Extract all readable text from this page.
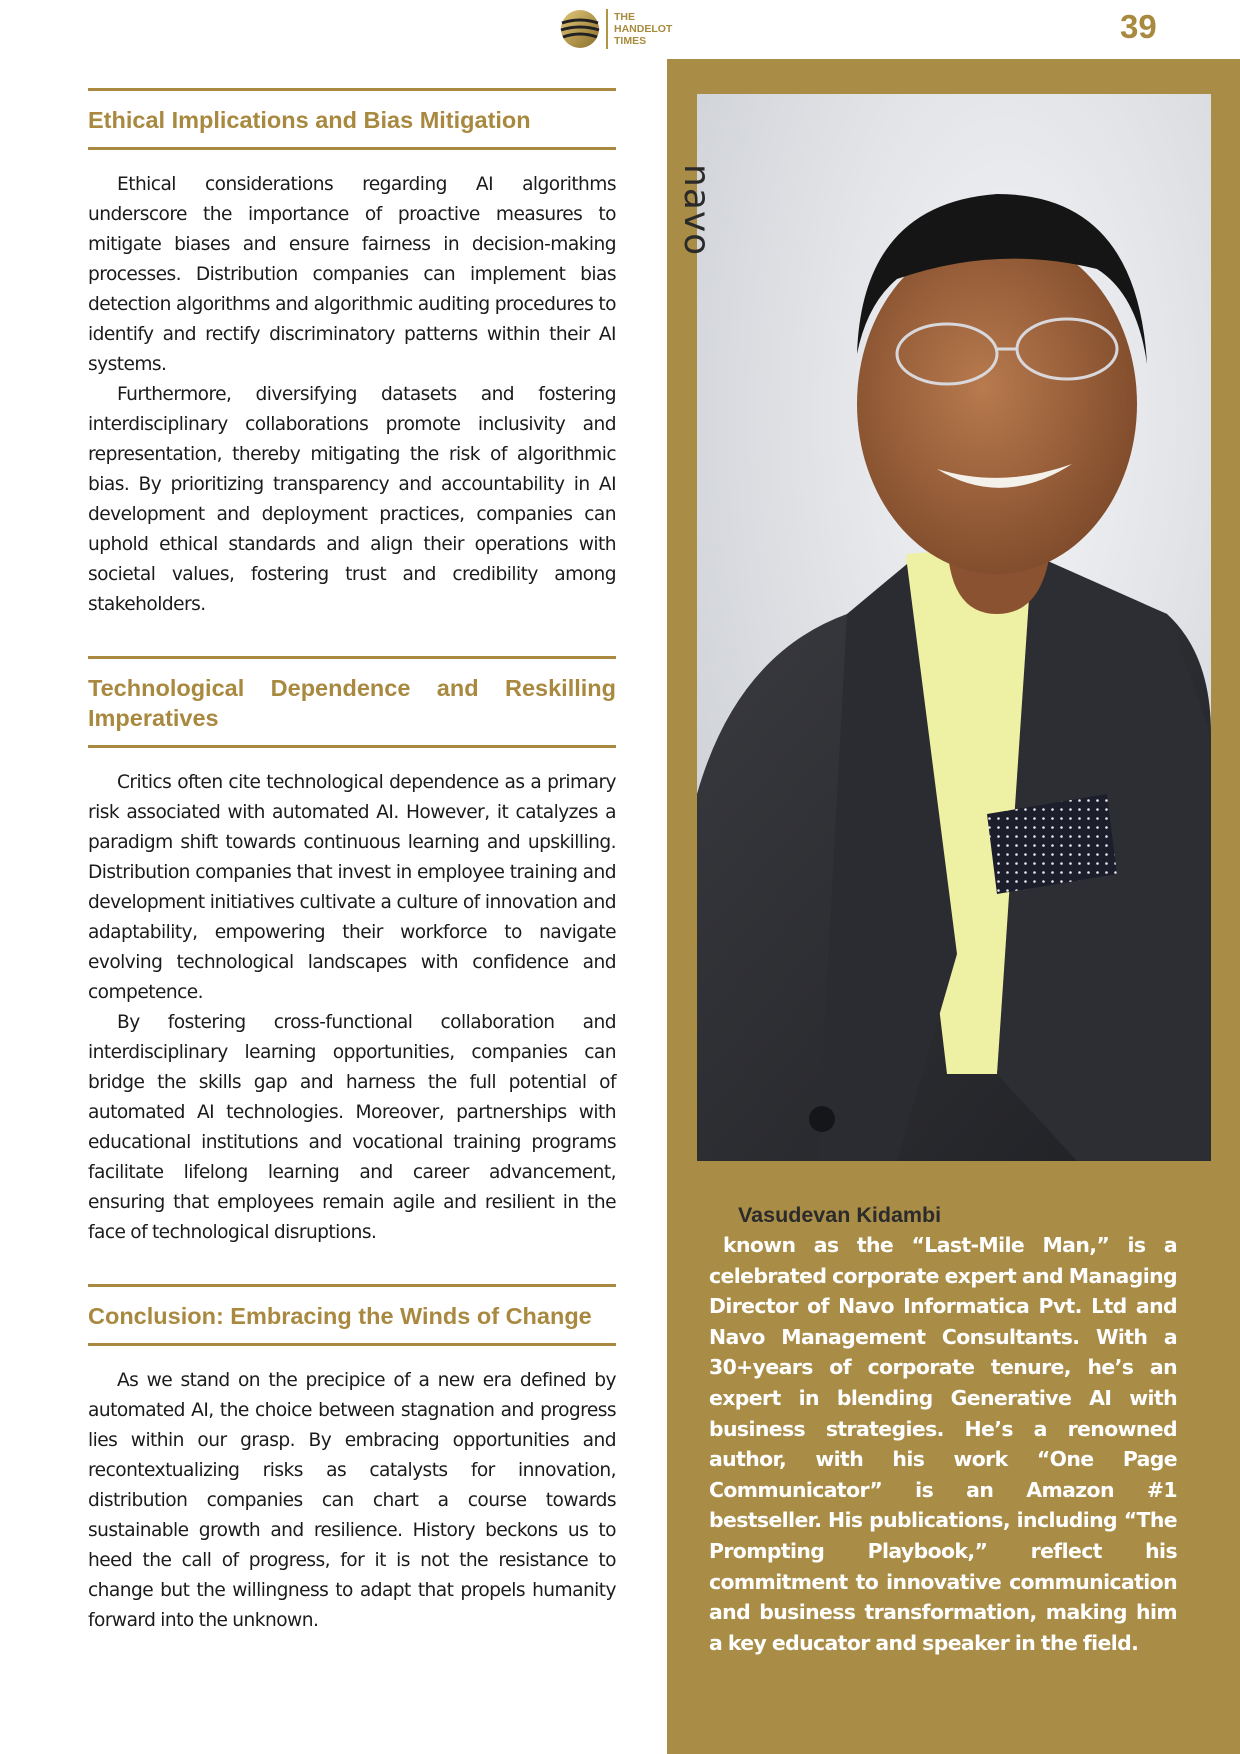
THE
HANDELOT
TIMES	39
Ethical Implications and Bias Mitigation

Ethical considerations regarding AI algorithms underscore the importance of proactive measures to mitigate biases and ensure fairness in decision-making processes. Distribution companies can implement bias detection algorithms and algorithmic auditing procedures to identify and rectify discriminatory patterns within their AI systems.

Furthermore, diversifying datasets and fostering interdisciplinary collaborations promote inclusivity and representation, thereby mitigating the risk of algorithmic bias. By prioritizing transparency and accountability in AI development and deployment practices, companies can uphold ethical standards and align their operations with societal values, fostering trust and credibility among stakeholders.

Technological Dependence and Reskilling Imperatives

Critics often cite technological dependence as a primary risk associated with automated AI. However, it catalyzes a paradigm shift towards continuous learning and upskilling. Distribution companies that invest in employee training and development initiatives cultivate a culture of innovation and adaptability, empowering their workforce to navigate evolving technological landscapes with confidence and competence.

By fostering cross-functional collaboration and interdisciplinary learning opportunities, companies can bridge the skills gap and harness the full potential of automated AI technologies. Moreover, partnerships with educational institutions and vocational training programs facilitate lifelong learning and career advancement, ensuring that employees remain agile and resilient in the face of technological disruptions.

Conclusion: Embracing the Winds of Change

As we stand on the precipice of a new era defined by automated AI, the choice between stagnation and progress lies within our grasp. By embracing opportunities and recontextualizing risks as catalysts for innovation, distribution companies can chart a course towards sustainable growth and resilience. History beckons us to heed the call of progress, for it is not the resistance to change but the willingness to adapt that propels humanity forward into the unknown.

navo
Vasudevan Kidambi

known as the “Last-Mile Man,” is a celebrated corporate expert and Managing Director of Navo Informatica Pvt. Ltd and Navo Management Consultants. With a 30+years of corporate tenure, he’s an expert in blending Generative AI with business strategies. He’s a renowned author, with his work “One Page Communicator” is an Amazon #1 bestseller. His publications, including “The Prompting Playbook,” reflect his commitment to innovative communication and business transformation, making him a key educator and speaker in the field.
